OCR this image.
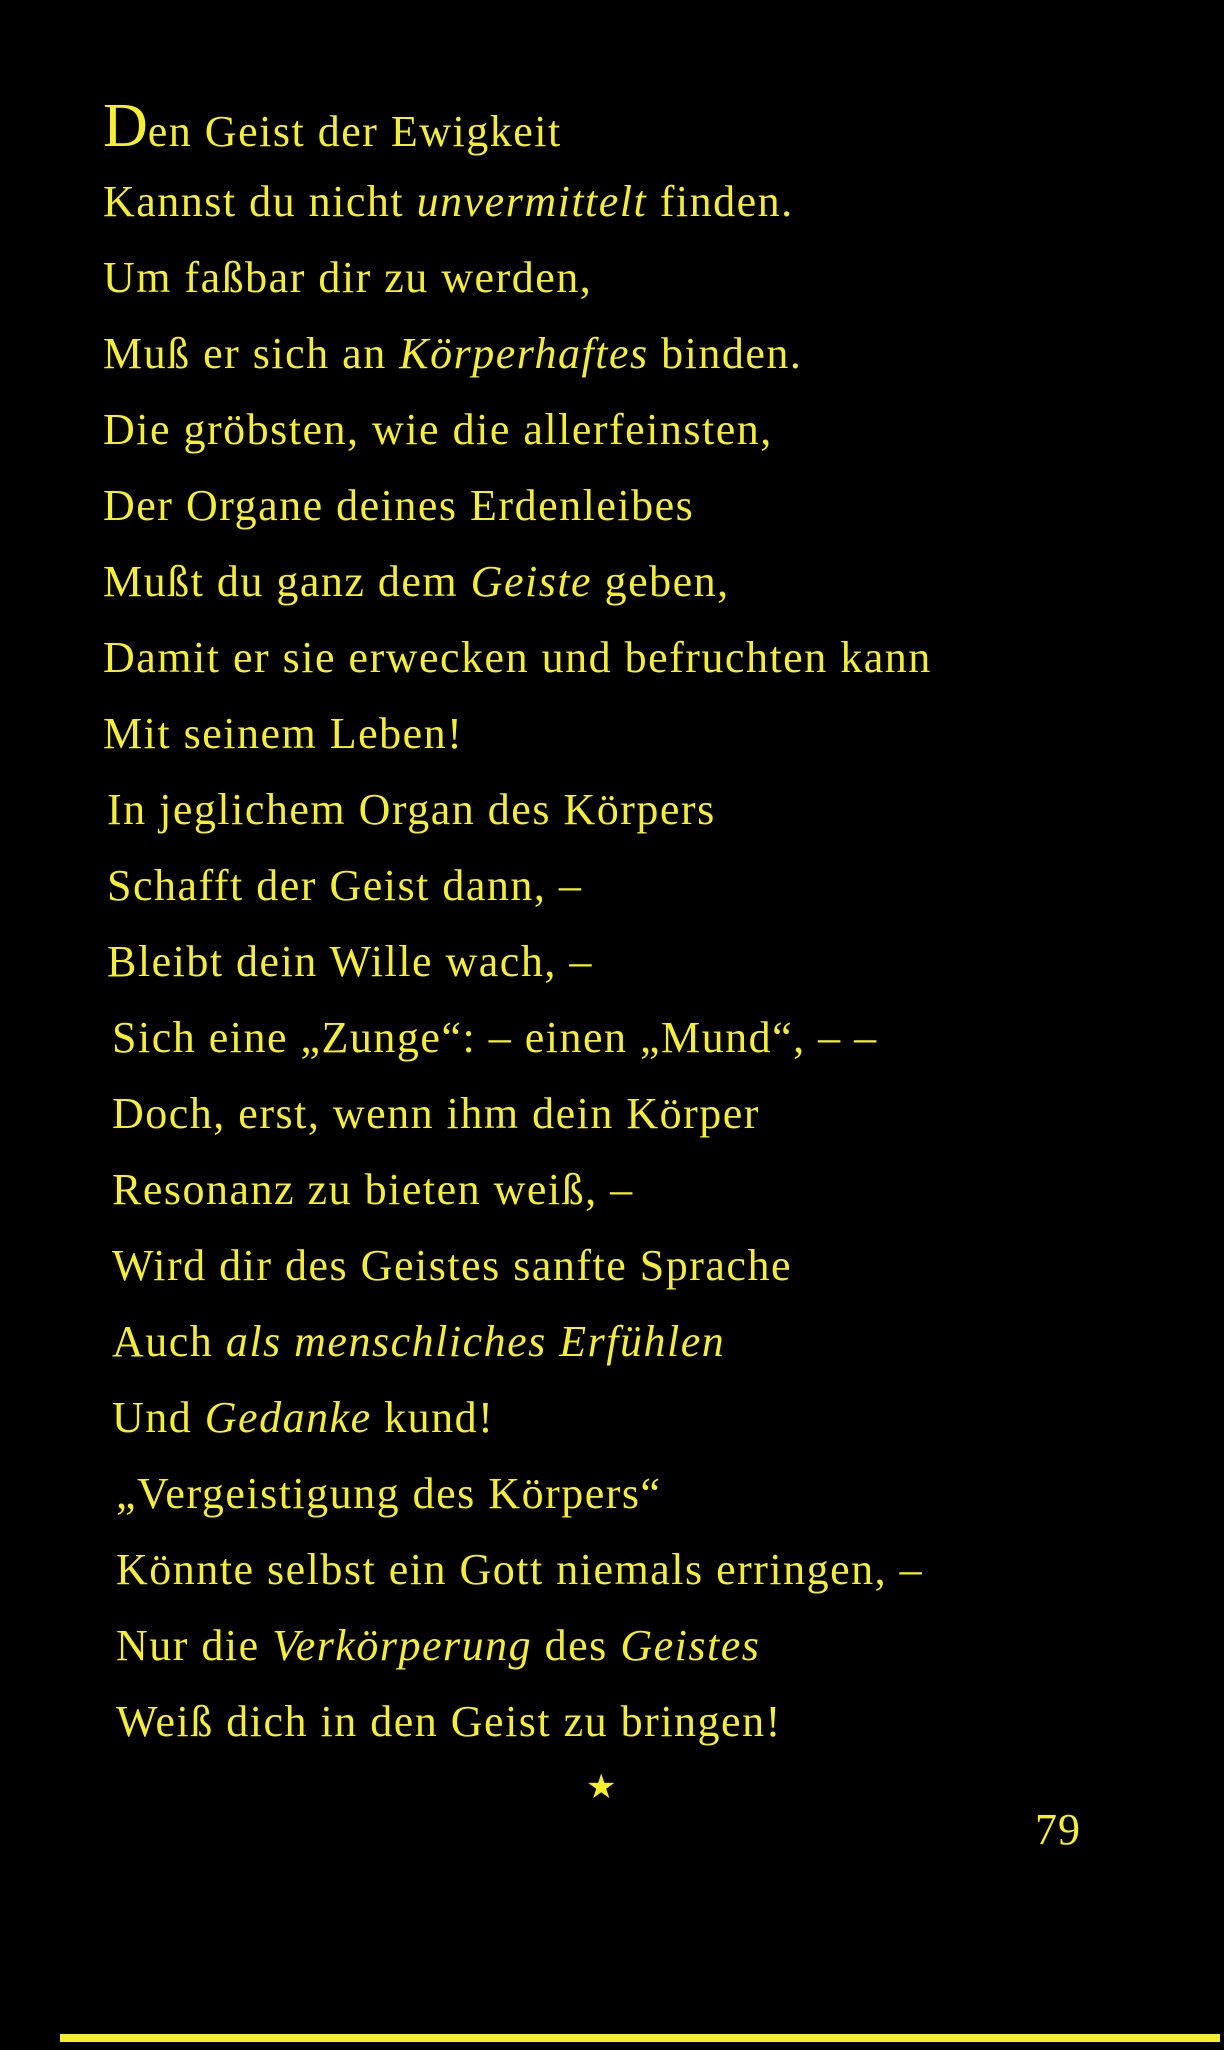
Den Geist der Ewigkeit
Kannst du nicht unvermittelt finden.
Um faßbar dir zu werden,
Muß er sich an Körperhaftes binden.
Die gröbsten, wie die allerfeinsten,
Der Organe deines Erdenleibes
Mußt du ganz dem Geiste geben,
Damit er sie erwecken und befruchten kann
Mit seinem Leben!
In jeglichem Organ des Körpers
Schafft der Geist dann, –
Bleibt dein Wille wach, –
Sich eine „Zunge“: – einen „Mund“, – –
Doch, erst, wenn ihm dein Körper
Resonanz zu bieten weiß, –
Wird dir des Geistes sanfte Sprache
Auch als menschliches Erfühlen
Und Gedanke kund!
„Vergeistigung des Körpers“
Könnte selbst ein Gott niemals erringen, –
Nur die Verkörperung des Geistes
Weiß dich in den Geist zu bringen!
★
79
